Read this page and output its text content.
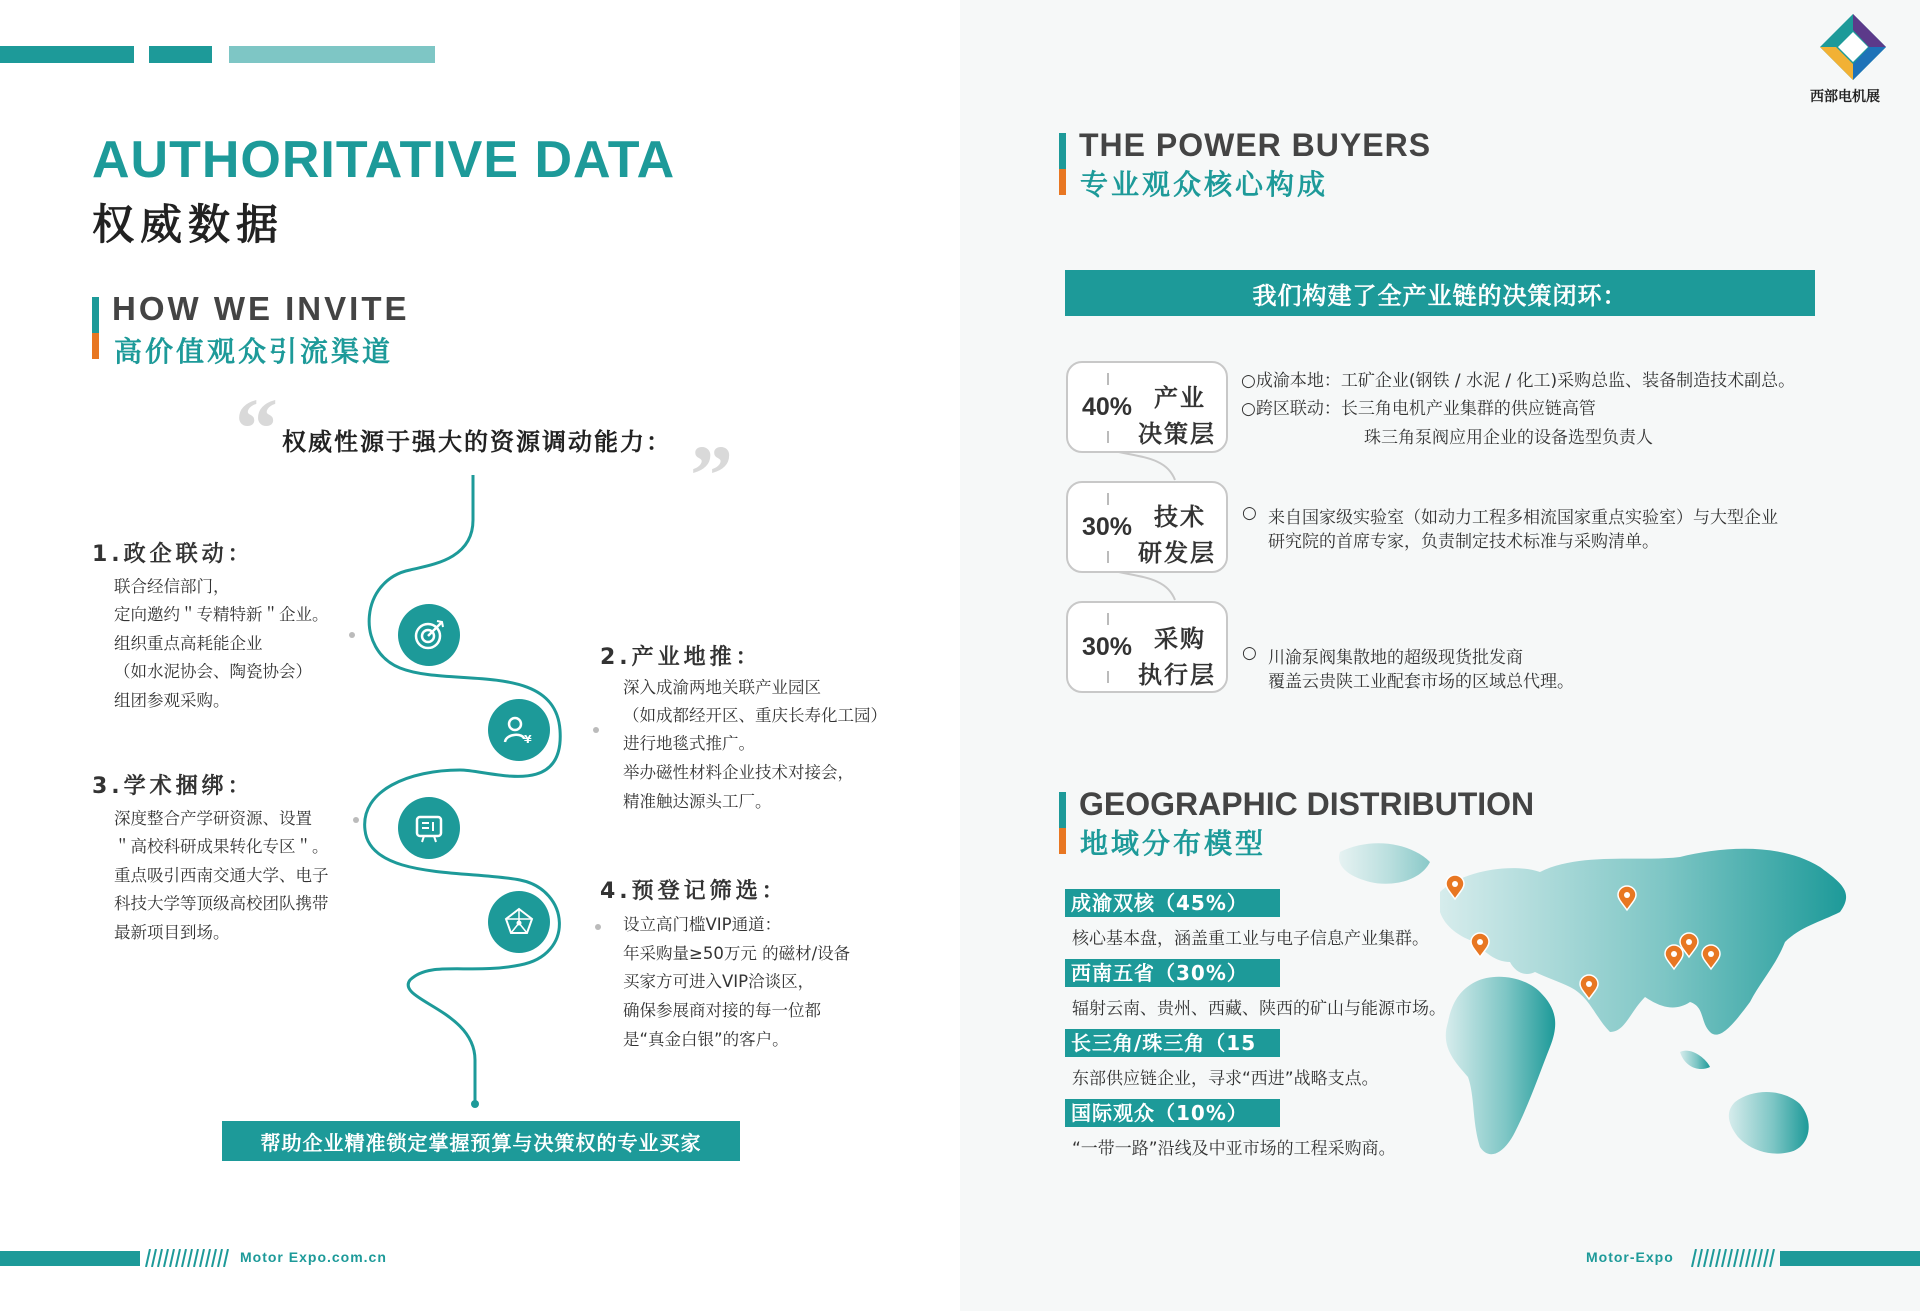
AUTHORITATIVE DATA
权威数据
HOW WE INVITE
高价值观众引流渠道
“ 权威性源于强大的资源调动能力： ”
¥
1.政企联动：
联合经信部门，
定向邀约＂专精特新＂企业。
组织重点高耗能企业
（如水泥协会、陶瓷协会）
组团参观采购。
2.产业地推：
深入成渝两地关联产业园区
（如成都经开区、重庆长寿化工园）
进行地毯式推广。
举办磁性材料企业技术对接会，
精准触达源头工厂。
3.学术捆绑：
深度整合产学研资源、设置
＂高校科研成果转化专区＂。
重点吸引西南交通大学、电子
科技大学等顶级高校团队携带
最新项目到场。
4.预登记筛选：
设立高门槛VIP通道：
年采购量≥50万元 的磁材/设备
买家方可进入VIP洽谈区，
确保参展商对接的每一位都
是“真金白银”的客户。
帮助企业精准锁定掌握预算与决策权的专业买家
Motor Expo.com.cn
西部电机展
THE POWER BUYERS
专业观众核心构成
我们构建了全产业链的决策闭环：
40% 产业
决策层
30% 技术
研发层
30% 采购
执行层
○成渝本地：工矿企业(钢铁 / 水泥 / 化工)采购总监、装备制造技术副总。
○跨区联动：长三角电机产业集群的供应链高管
珠三角泵阀应用企业的设备选型负责人
○ 来自国家级实验室（如动力工程多相流国家重点实验室）与大型企业
研究院的首席专家，负责制定技术标准与采购清单。
○ 川渝泵阀集散地的超级现货批发商
覆盖云贵陕工业配套市场的区域总代理。
GEOGRAPHIC DISTRIBUTION
地域分布模型
成渝双核（45%）
核心基本盘，涵盖重工业与电子信息产业集群。
西南五省（30%）
辐射云南、贵州、西藏、陕西的矿山与能源市场。
长三角/珠三角（15
东部供应链企业，寻求“西进”战略支点。
国际观众（10%）
“一带一路”沿线及中亚市场的工程采购商。
Motor-Expo
